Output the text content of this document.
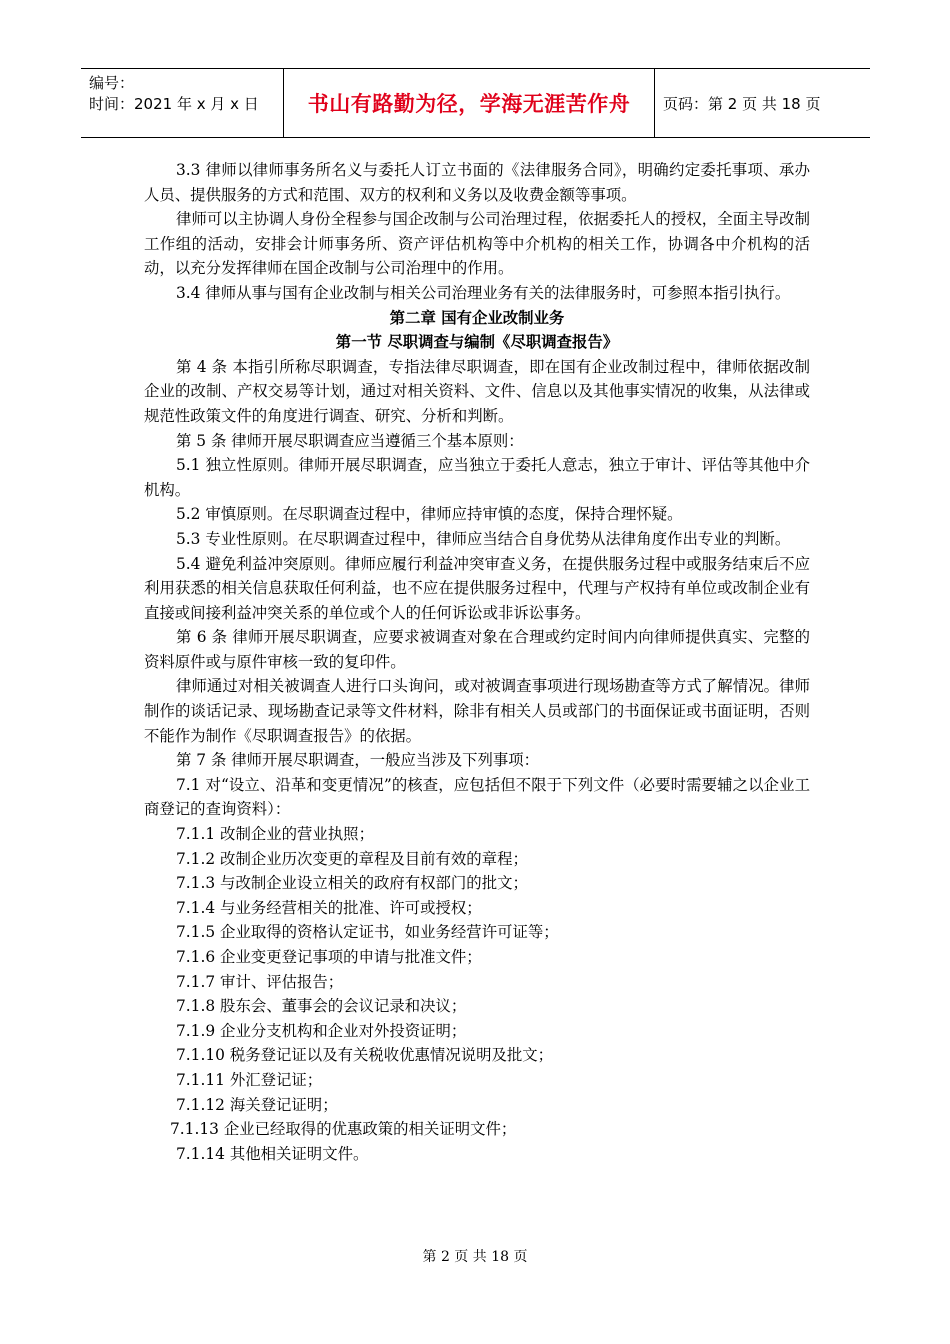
编号：
时间：2021 年 x 月 x 日	书山有路勤为径，学海无涯苦作舟	页码：第 2 页 共 18 页

3.3 律师以律师事务所名义与委托人订立书面的《法律服务合同》，明确约定委托事项、承办人员、提供服务的方式和范围、双方的权利和义务以及收费金额等事项。

律师可以主协调人身份全程参与国企改制与公司治理过程，依据委托人的授权，全面主导改制工作组的活动，安排会计师事务所、资产评估机构等中介机构的相关工作，协调各中介机构的活动，以充分发挥律师在国企改制与公司治理中的作用。

3.4 律师从事与国有企业改制与相关公司治理业务有关的法律服务时，可参照本指引执行。

第二章 国有企业改制业务

第一节 尽职调查与编制《尽职调查报告》

第 4 条 本指引所称尽职调查，专指法律尽职调查，即在国有企业改制过程中，律师依据改制企业的改制、产权交易等计划，通过对相关资料、文件、信息以及其他事实情况的收集，从法律或规范性政策文件的角度进行调查、研究、分析和判断。

第 5 条 律师开展尽职调查应当遵循三个基本原则：

5.1 独立性原则。律师开展尽职调查，应当独立于委托人意志，独立于审计、评估等其他中介机构。

5.2 审慎原则。在尽职调查过程中，律师应持审慎的态度，保持合理怀疑。

5.3 专业性原则。在尽职调查过程中，律师应当结合自身优势从法律角度作出专业的判断。

5.4 避免利益冲突原则。律师应履行利益冲突审查义务，在提供服务过程中或服务结束后不应利用获悉的相关信息获取任何利益，也不应在提供服务过程中，代理与产权持有单位或改制企业有直接或间接利益冲突关系的单位或个人的任何诉讼或非诉讼事务。

第 6 条 律师开展尽职调查，应要求被调查对象在合理或约定时间内向律师提供真实、完整的资料原件或与原件审核一致的复印件。

律师通过对相关被调查人进行口头询问，或对被调查事项进行现场勘查等方式了解情况。律师制作的谈话记录、现场勘查记录等文件材料，除非有相关人员或部门的书面保证或书面证明，否则不能作为制作《尽职调查报告》的依据。

第 7 条 律师开展尽职调查，一般应当涉及下列事项：

7.1 对“设立、沿革和变更情况”的核查，应包括但不限于下列文件（必要时需要辅之以企业工商登记的查询资料）：

7.1.1 改制企业的营业执照；

7.1.2 改制企业历次变更的章程及目前有效的章程；

7.1.3 与改制企业设立相关的政府有权部门的批文；

7.1.4 与业务经营相关的批准、许可或授权；

7.1.5 企业取得的资格认定证书，如业务经营许可证等；

7.1.6 企业变更登记事项的申请与批准文件；

7.1.7 审计、评估报告；

7.1.8 股东会、董事会的会议记录和决议；

7.1.9 企业分支机构和企业对外投资证明；

7.1.10 税务登记证以及有关税收优惠情况说明及批文；

7.1.11 外汇登记证；

7.1.12 海关登记证明；

7.1.13 企业已经取得的优惠政策的相关证明文件；

7.1.14 其他相关证明文件。

第 2 页 共 18 页
